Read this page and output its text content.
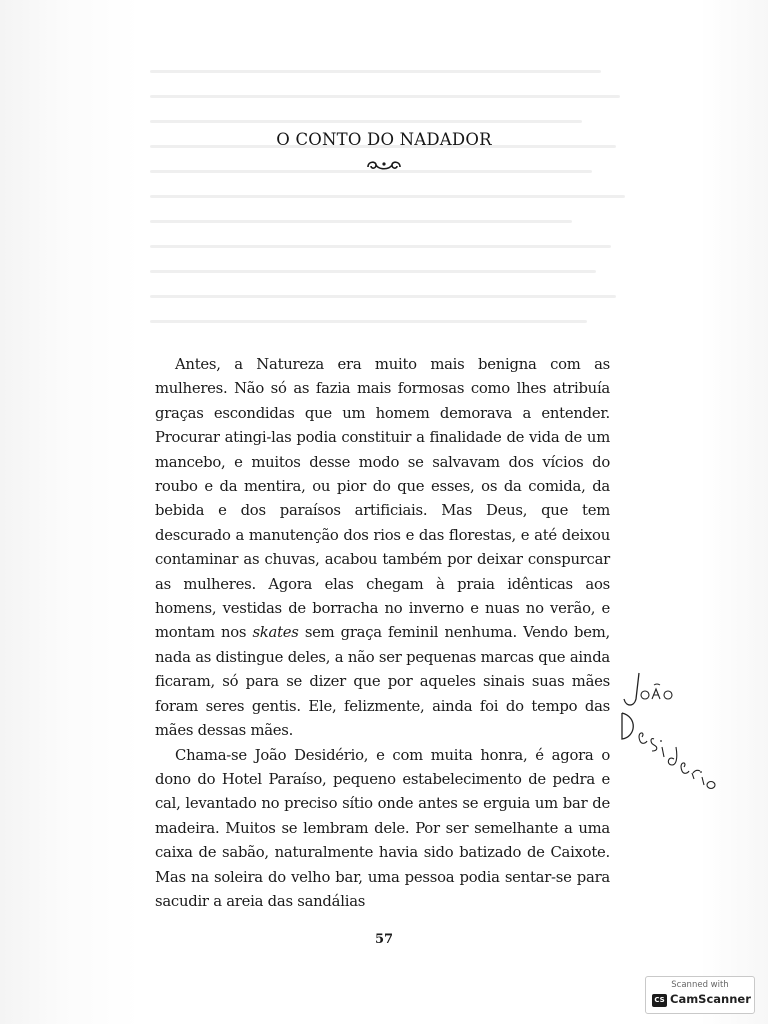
O CONTO DO NADADOR

Antes, a Natureza era muito mais benigna com as mulheres. Não só as fazia mais formosas como lhes atribuía graças escondidas que um homem demorava a entender. Procurar atingi-las podia constituir a finalidade de vida de um mancebo, e muitos desse modo se salvavam dos vícios do roubo e da mentira, ou pior do que esses, os da comida, da bebida e dos paraísos artificiais. Mas Deus, que tem descurado a manutenção dos rios e das florestas, e até deixou contaminar as chuvas, acabou também por deixar conspurcar as mulheres. Agora elas chegam à praia idênticas aos homens, vestidas de borracha no inverno e nuas no verão, e montam nos skates sem graça feminil nenhuma. Vendo bem, nada as distingue deles, a não ser pequenas marcas que ainda ficaram, só para se dizer que por aqueles sinais suas mães foram seres gentis. Ele, felizmente, ainda foi do tempo das mães dessas mães.

Chama-se João Desidério, e com muita honra, é agora o dono do Hotel Paraíso, pequeno estabelecimento de pedra e cal, levantado no preciso sítio onde antes se erguia um bar de madeira. Muitos se lembram dele. Por ser semelhante a uma caixa de sabão, naturalmente havia sido batizado de Caixote. Mas na soleira do velho bar, uma pessoa podia sentar-se para sacudir a areia das sandálias

57
Scanned with
CS CamScanner
